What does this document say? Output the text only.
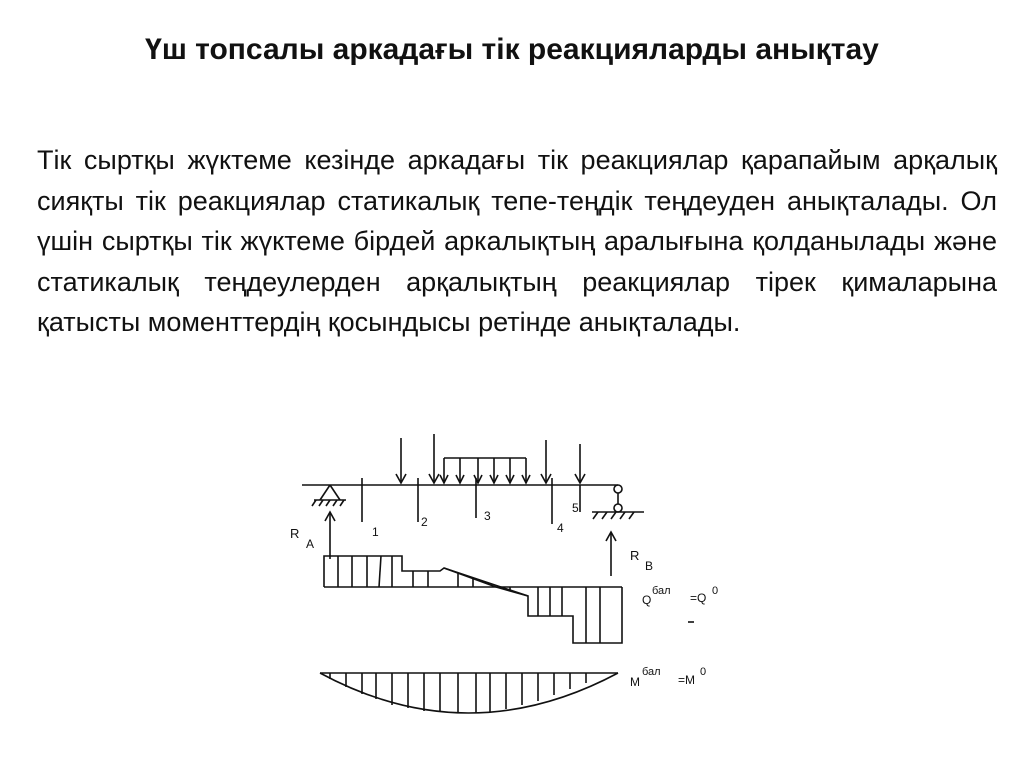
Үш топсалы аркадағы тік реакцияларды анықтау

Тік сыртқы жүктеме кезінде аркадағы тік реакциялар қарапайым арқалық сияқты тік реакциялар статикалық тепе-теңдік теңдеуден анықталады. Ол үшін сыртқы тік жүктеме бірдей аркалықтың аралығына қолданылады және статикалық теңдеулерден арқалықтың реакциялар тірек қималарына қатысты моменттердің қосындысы ретінде анықталады.

1
2	3
4
5
R
A
R
B
Q
бал =Q 0
M
бал
=M
0
